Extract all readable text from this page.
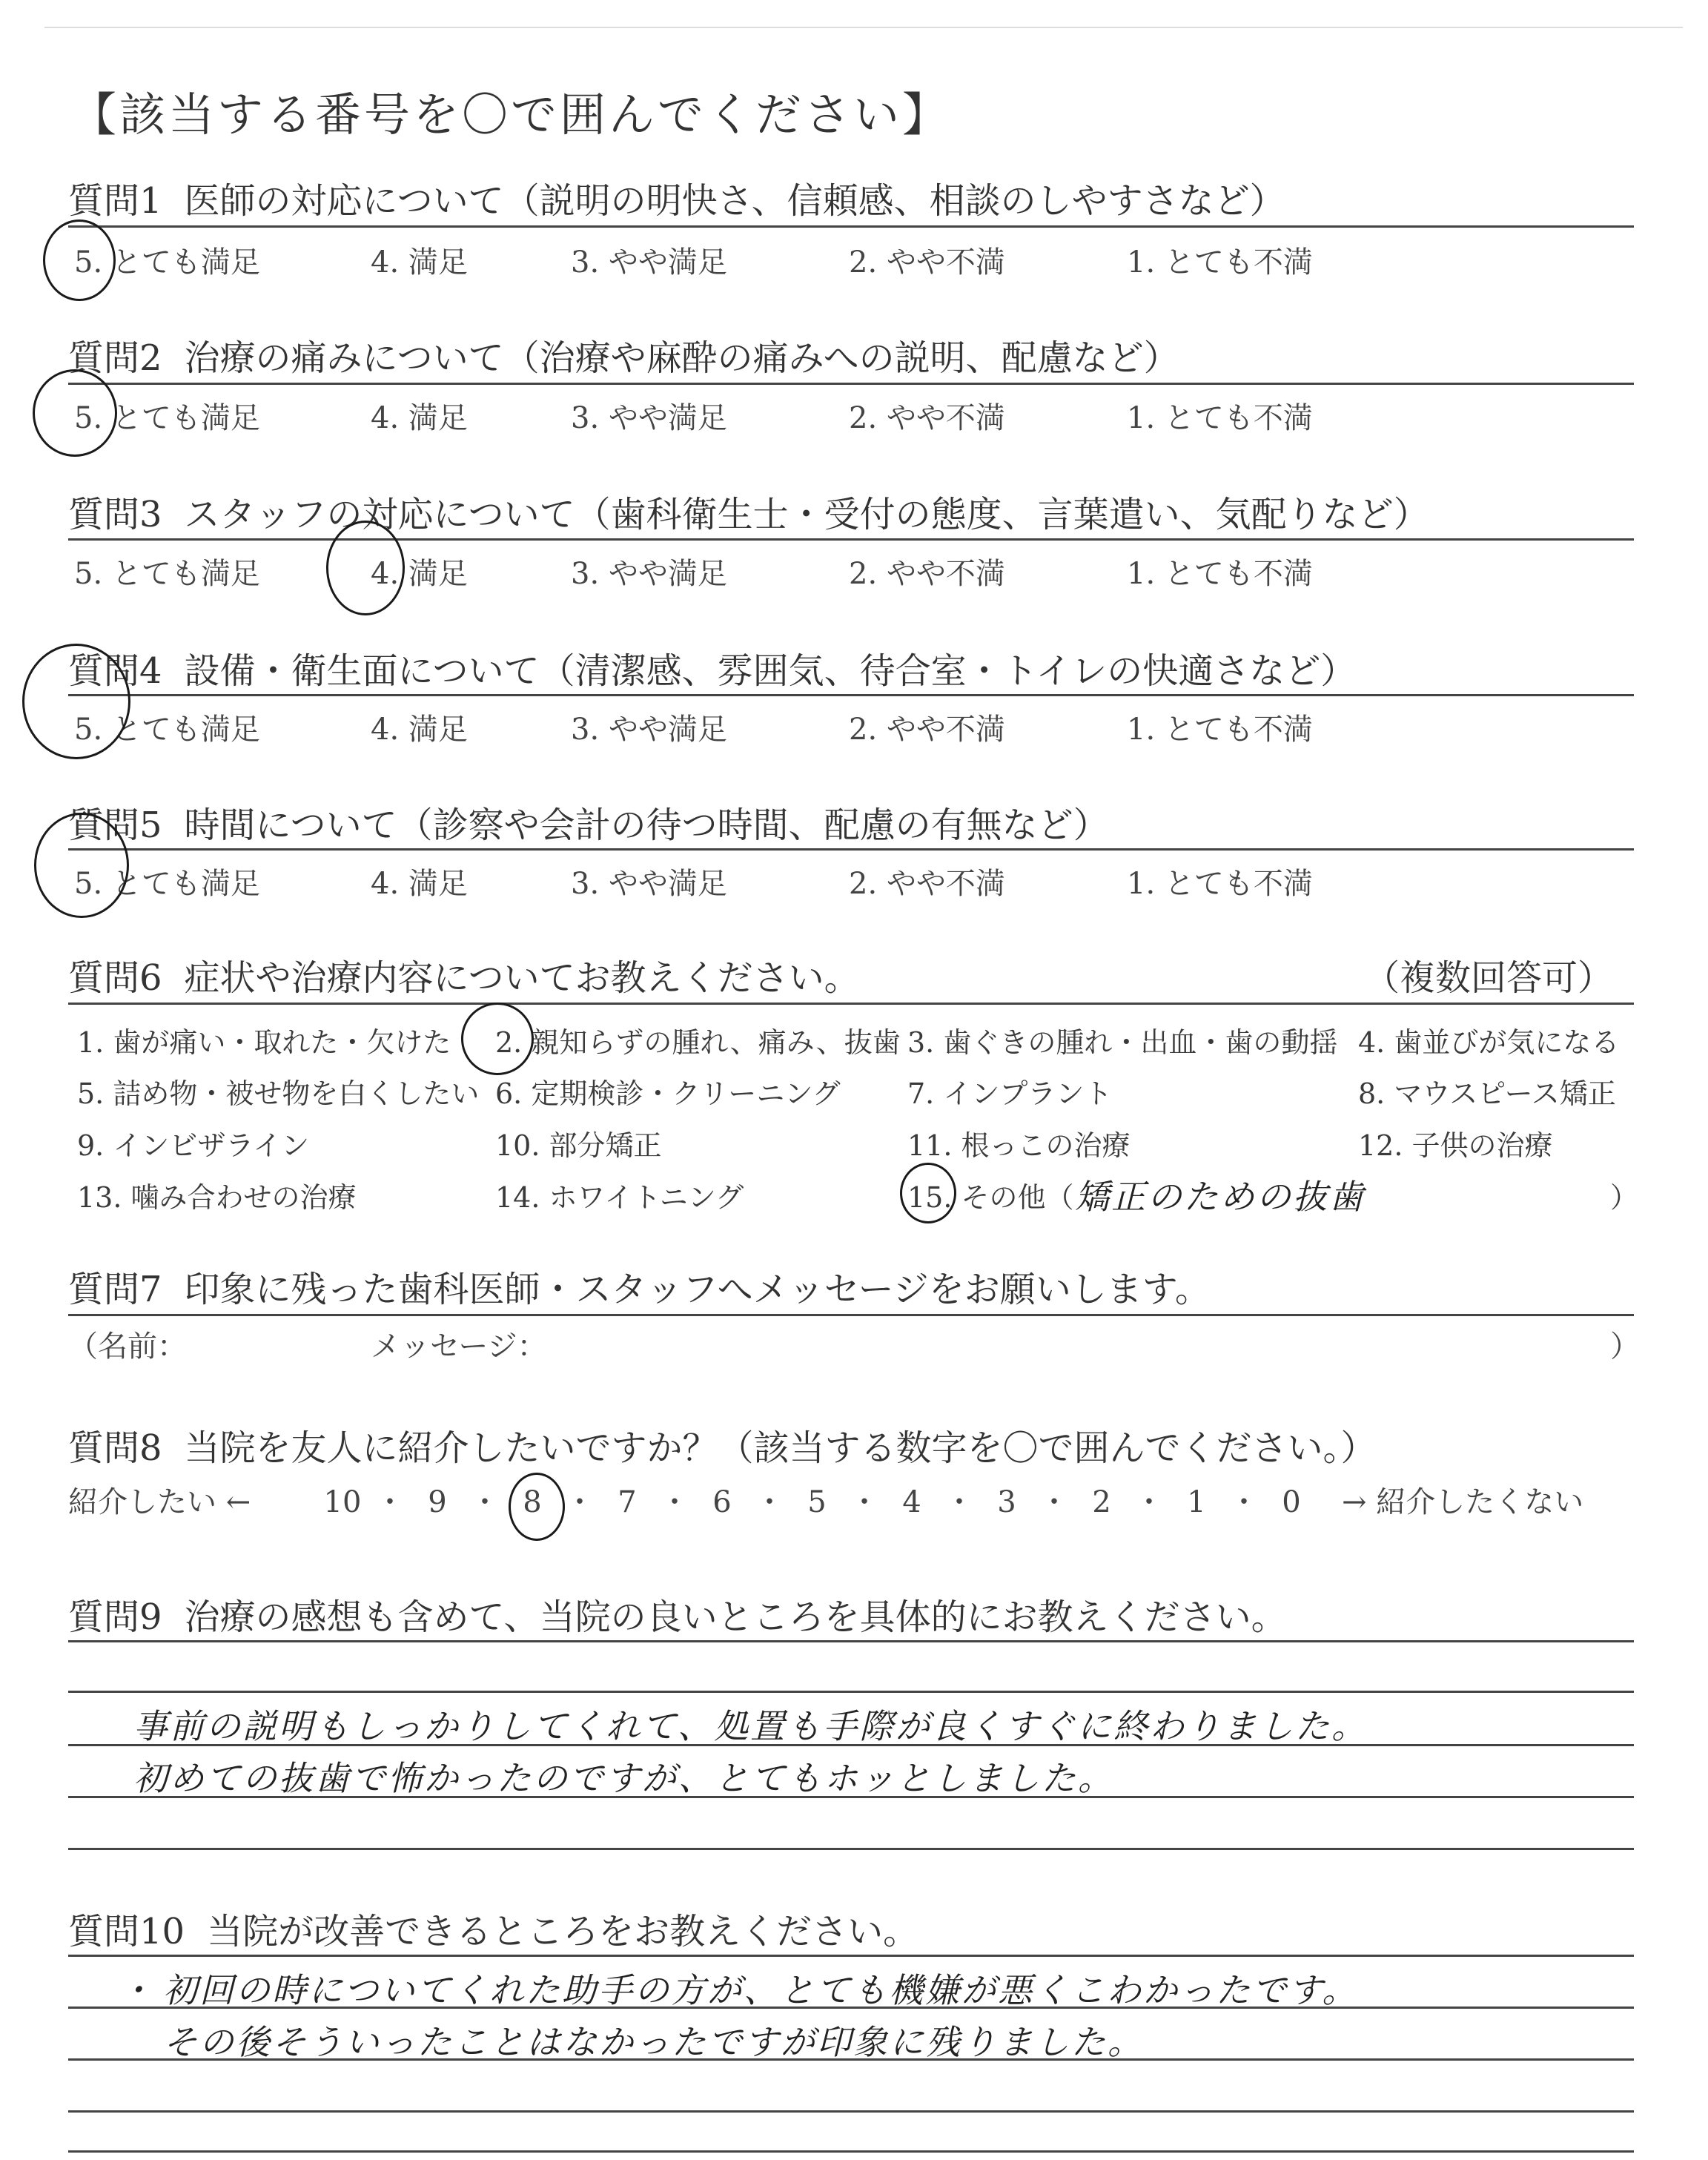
【該当する番号を〇で囲んでください】
質問1 医師の対応について（説明の明快さ、信頼感、相談のしやすさなど）
5. とても満足	4. 満足	3. やや満足	2. やや不満	1. とても不満
質問2 治療の痛みについて（治療や麻酔の痛みへの説明、配慮など）
5. とても満足	4. 満足	3. やや満足	2. やや不満	1. とても不満
質問3 スタッフの対応について（歯科衛生士・受付の態度、言葉遣い、気配りなど）
5. とても満足	4. 満足	3. やや満足	2. やや不満	1. とても不満
質問4 設備・衛生面について（清潔感、雰囲気、待合室・トイレの快適さなど）
5. とても満足	4. 満足	3. やや満足	2. やや不満	1. とても不満
質問5 時間について（診察や会計の待つ時間、配慮の有無など）
5. とても満足	4. 満足	3. やや満足	2. やや不満	1. とても不満
質問6 症状や治療内容についてお教えください。	（複数回答可）
1. 歯が痛い・取れた・欠けた 2. 親知らずの腫れ、痛み、抜歯 3. 歯ぐきの腫れ・出血・歯の動揺 4. 歯並びが気になる
5. 詰め物・被せ物を白くしたい 6. 定期検診・クリーニング 7. インプラント	8. マウスピース矯正
9. インビザライン	10. 部分矯正	11. 根っこの治療	12. 子供の治療
13. 噛み合わせの治療	14. ホワイトニング	15. その他（ 矯正のための抜歯	）
質問7 印象に残った歯科医師・スタッフへメッセージをお願いします。
（名前：	メッセージ：	）
質問8 当院を友人に紹介したいですか？（該当する数字を〇で囲んでください。）
紹介したい ←	→ 紹介したくない
10 ・ 9 ・ 8 ・ 7 ・ 6 ・ 5 ・ 4 ・ 3 ・ 2 ・ 1 ・ 0
質問9 治療の感想も含めて、当院の良いところを具体的にお教えください。
事前の説明もしっかりしてくれて、処置も手際が良くすぐに終わりました。
初めての抜歯で怖かったのですが、とてもホッとしました。
質問10 当院が改善できるところをお教えください。
・ 初回の時についてくれた助手の方が、とても機嫌が悪くこわかったです。
その後そういったことはなかったですが印象に残りました。
